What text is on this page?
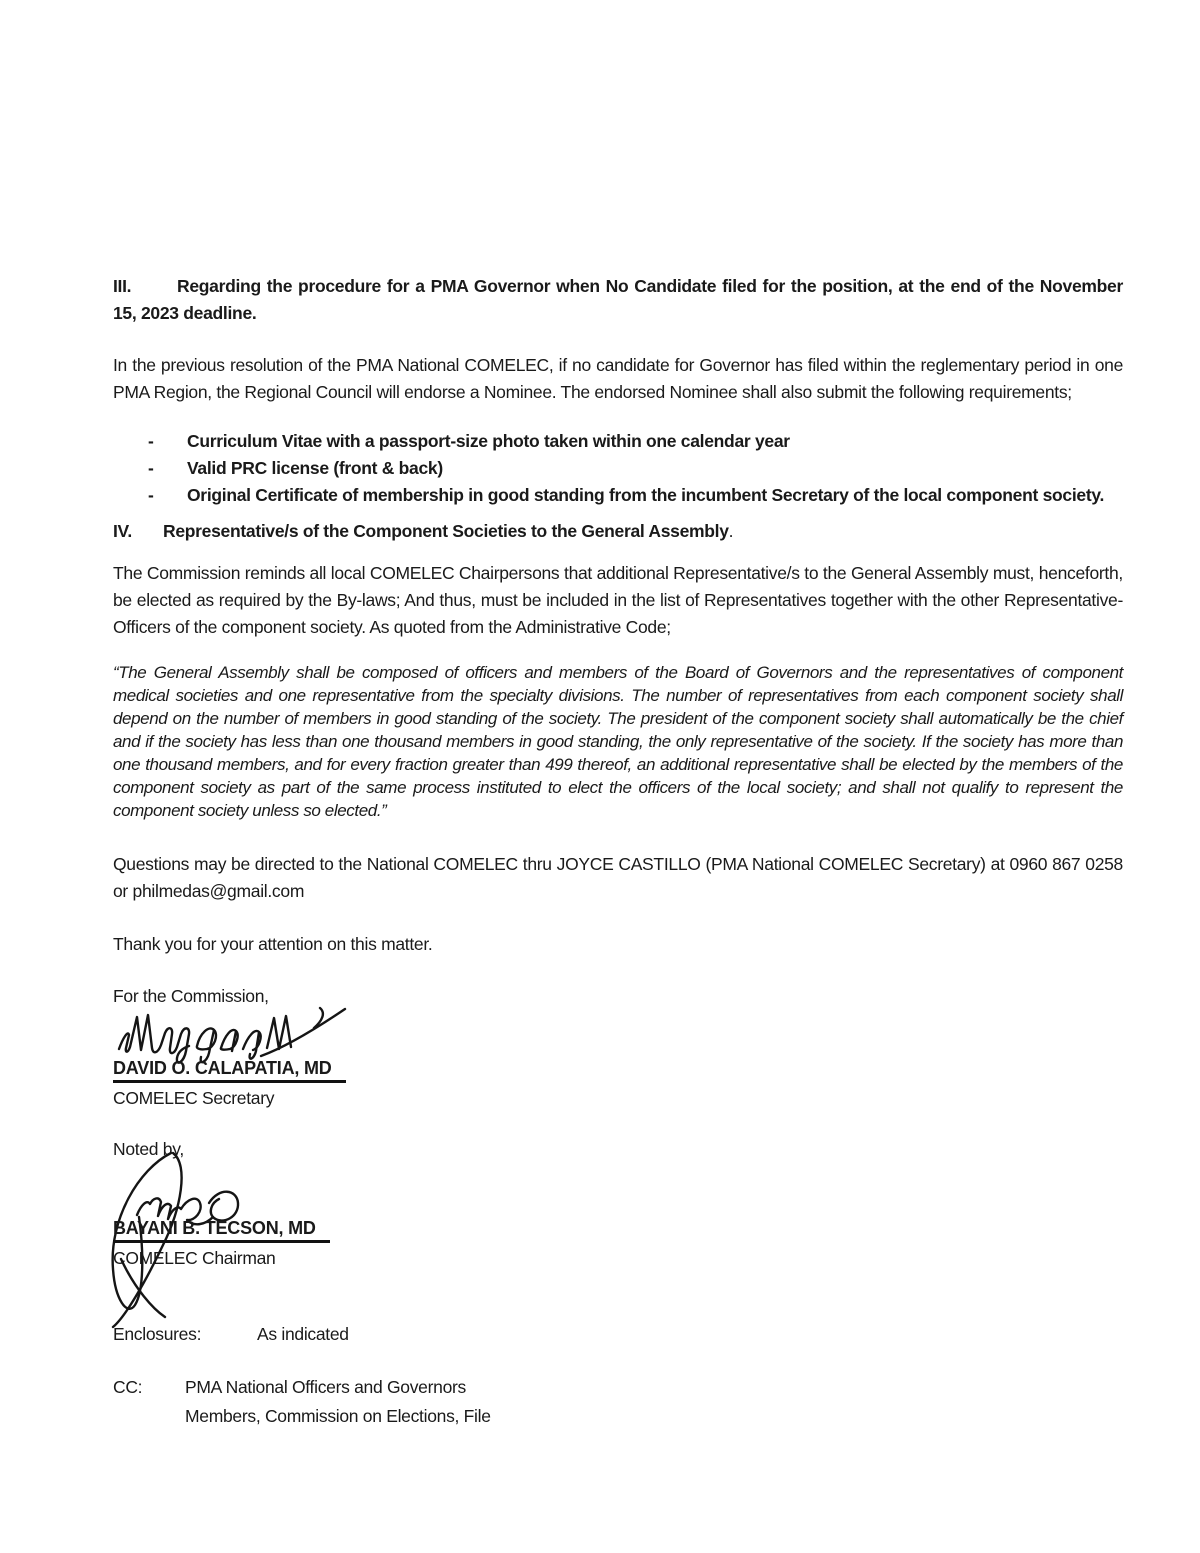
III.	Regarding the procedure for a PMA Governor when No Candidate filed for the position, at the end of the November 15, 2023 deadline.

In the previous resolution of the PMA National COMELEC, if no candidate for Governor has filed within the reglementary period in one PMA Region, the Regional Council will endorse a Nominee. The endorsed Nominee shall also submit the following requirements;

- Curriculum Vitae with a passport-size photo taken within one calendar year
- Valid PRC license (front & back)
- Original Certificate of membership in good standing from the incumbent Secretary of the local component society.

IV. Representative/s of the Component Societies to the General Assembly.

The Commission reminds all local COMELEC Chairpersons that additional Representative/s to the General Assembly must, henceforth, be elected as required by the By-laws; And thus, must be included in the list of Representatives together with the other Representative-Officers of the component society. As quoted from the Administrative Code;

“The General Assembly shall be composed of officers and members of the Board of Governors and the representatives of component medical societies and one representative from the specialty divisions. The number of representatives from each component society shall depend on the number of members in good standing of the society. The president of the component society shall automatically be the chief and if the society has less than one thousand members in good standing, the only representative of the society. If the society has more than one thousand members, and for every fraction greater than 499 thereof, an additional representative shall be elected by the members of the component society as part of the same process instituted to elect the officers of the local society; and shall not qualify to represent the component society unless so elected.”

Questions may be directed to the National COMELEC thru JOYCE CASTILLO (PMA National COMELEC Secretary) at 0960 867 0258 or philmedas@gmail.com

Thank you for your attention on this matter.

For the Commission,

DAVID O. CALAPATIA, MD

COMELEC Secretary

Noted by,

BAYANI B. TECSON, MD

COMELEC Chairman

Enclosures:	As indicated
CC:	PMA National Officers and Governors

Members, Commission on Elections, File
